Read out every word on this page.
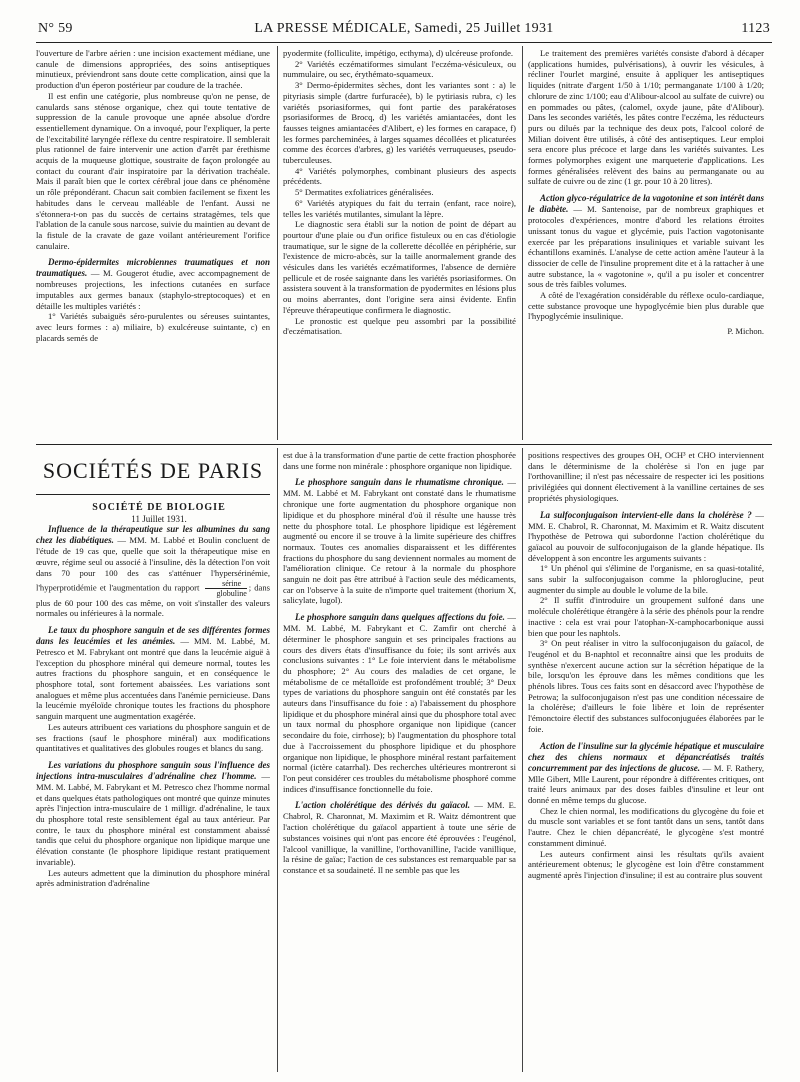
N° 59	LA PRESSE MÉDICALE, Samedi, 25 Juillet 1931	1123

l'ouverture de l'arbre aérien : une incision exactement médiane, une canule de dimensions appropriées, des soins antiseptiques minutieux, préviendront sans doute cette complication, ainsi que la production d'un éperon postérieur par coudure de la trachée.

Il est enfin une catégorie, plus nombreuse qu'on ne pense, de canulards sans sténose organique, chez qui toute tentative de suppression de la canule provoque une apnée absolue d'ordre essentiellement dynamique. On a invoqué, pour l'expliquer, la perte de l'excitabilité laryngée réflexe du centre respiratoire. Il semblerait plus rationnel de faire intervenir une action d'arrêt par érethisme acquis de la muqueuse glottique, soustraite de façon prolongée au contact du courant d'air inspiratoire par la dérivation trachéale. Mais il paraît bien que le cortex cérébral joue dans ce phénomène un rôle prépondérant. Chacun sait combien facilement se fixent les habitudes dans le cerveau malléable de l'enfant. Aussi ne s'étonnera-t-on pas du succès de certains stratagèmes, tels que l'ablation de la canule sous narcose, suivie du maintien au devant de la fistule de la cravate de gaze voilant antérieurement l'orifice canulaire.

Dermo-épidermites microbiennes traumatiques et non traumatiques. — M. Gougerot étudie, avec accompagnement de nombreuses projections, les infections cutanées en surface imputables aux germes banaux (staphylo-streptocoques) et en détaille les multiples variétés :

1° Variétés subaiguës séro-purulentes ou séreuses suintantes, avec leurs formes : a) miliaire, b) exulcéreuse suintante, c) en placards semés de

pyodermite (folliculite, impétigo, ecthyma), d) ulcéreuse profonde.

2° Variétés eczématiformes simulant l'eczéma-vésiculeux, ou nummulaire, ou sec, érythémato-squameux.

3° Dermo-épidermites sèches, dont les variantes sont : a) le pityriasis simple (dartre furfuracée), b) le pytiriasis rubra, c) les variétés psoriasiformes, qui font partie des parakératoses psoriasiformes de Brocq, d) les variétés amiantacées, dont les fausses teignes amiantacées d'Alibert, e) les formes en carapace, f) les formes parcheminées, à larges squames décollées et plicaturées comme des écorces d'arbres, g) les variétés verruqueuses, pseudo-tuberculeuses.

4° Variétés polymorphes, combinant plusieurs des aspects précédents.

5° Dermatites exfoliatrices généralisées.

6° Variétés atypiques du fait du terrain (enfant, race noire), telles les variétés mutilantes, simulant la lèpre.

Le diagnostic sera établi sur la notion de point de départ au pourtour d'une plaie ou d'un orifice fistuleux ou en cas d'étiologie traumatique, sur le signe de la collerette décollée en périphérie, sur l'existence de micro-abcès, sur la taille anormalement grande des vésicules dans les variétés eczématiformes, l'absence de dernière pellicule et de rosée saignante dans les variétés psoriasiformes. On assistera souvent à la transformation de pyodermites en lésions plus ou moins aberrantes, dont l'origine sera ainsi évidente. Enfin l'épreuve thérapeutique confirmera le diagnostic.

Le pronostic est quelque peu assombri par la possibilité d'eczématisation.

Le traitement des premières variétés consiste d'abord à décaper (applications humides, pulvérisations), à ouvrir les vésicules, à récliner l'ourlet marginé, ensuite à appliquer les antiseptiques liquides (nitrate d'argent 1/50 à 1/10; permanganate 1/100 à 1/20; chlorure de zinc 1/100; eau d'Alibour-alcool au sulfate de cuivre) ou en pommades ou pâtes, (calomel, oxyde jaune, pâte d'Alibour). Dans les secondes variétés, les pâtes contre l'eczéma, les réducteurs purs ou dilués par la technique des deux pots, l'alcool coloré de Milian doivent être utilisés, à côté des antiseptiques. Leur emploi sera encore plus précoce et large dans les variétés suivantes. Les formes polymorphes exigent une marqueterie d'applications. Les formes généralisées relèvent des bains au permanganate ou au sulfate de cuivre ou de zinc (1 gr. pour 10 à 20 litres).

Action glyco-régulatrice de la vagotonine et son intérêt dans le diabète. — M. Santenoise, par de nombreux graphiques et protocoles d'expériences, montre d'abord les relations étroites unissant tonus du vague et glycémie, puis l'action vagotonisante exercée par les préparations insuliniques et variable suivant les échantillons examinés. L'analyse de cette action amène l'auteur à la dissocier de celle de l'insuline proprement dite et à la rattacher à une autre substance, la « vagotonine », qu'il a pu isoler et concentrer sous de très faibles volumes.

A côté de l'exagération considérable du réflexe oculo-cardiaque, cette substance provoque une hypoglycémie bien plus durable que l'hypoglycémie insulinique.

P. Michon.
SOCIÉTÉS DE PARIS

SOCIÉTÉ DE BIOLOGIE

11 Juillet 1931.

Influence de la thérapeutique sur les albumines du sang chez les diabétiques. — MM. M. Labbé et Boulin concluent de l'étude de 19 cas que, quelle que soit la thérapeutique mise en œuvre, régime seul ou associé à l'insuline, dès la détection l'on voit dans 70 pour 100 des cas s'atténuer l'hypersérinémie, l'hyperprotidémie et l'augmentation du rapport $\frac{\text{sérine}}{\text{globuline}}$ ; dans plus de 60 pour 100 des cas même, on voit s'installer des valeurs normales ou inférieures à la normale.

Le taux du phosphore sanguin et de ses différentes formes dans les leucémies et les anémies. — MM. M. Labbé, M. Petresco et M. Fabrykant ont montré que dans la leucémie aiguë à l'exception du phosphore minéral qui demeure normal, toutes les autres fractions du phosphore sanguin, et en conséquence le phosphore total, sont fortement abaissées. Les variations sont analogues et même plus accentuées dans l'anémie pernicieuse. Dans la leucémie myéloïde chronique toutes les fractions du phosphore sanguin marquent une augmentation exagérée.

Les auteurs attribuent ces variations du phosphore sanguin et de ses fractions (sauf le phosphore minéral) aux modifications quantitatives et qualitatives des globules rouges et blancs du sang.

Les variations du phosphore sanguin sous l'influence des injections intra-musculaires d'adrénaline chez l'homme. — MM. M. Labbé, M. Fabrykant et M. Petresco chez l'homme normal et dans quelques états pathologiques ont montré que quinze minutes après l'injection intra-musculaire de 1 milligr. d'adrénaline, le taux du phosphore total reste sensiblement égal au taux antérieur. Par contre, le taux du phosphore minéral est constamment abaissé tandis que celui du phosphore organique non lipidique marque une élévation constante (le phosphore lipidique restant pratiquement invariable).

Les auteurs admettent que la diminution du phosphore minéral après administration d'adrénaline

est due à la transformation d'une partie de cette fraction phosphorée dans une forme non minérale : phosphore organique non lipidique.

Le phosphore sanguin dans le rhumatisme chronique. — MM. M. Labbé et M. Fabrykant ont constaté dans le rhumatisme chronique une forte augmentation du phosphore organique non lipidique et du phosphore minéral d'où il résulte une hausse très nette du phosphore total. Le phosphore lipidique est légèrement augmenté ou encore il se trouve à la limite supérieure des chiffres normaux. Toutes ces anomalies disparaissent et les différentes fractions du phosphore du sang deviennent normales au moment de l'amélioration clinique. Ce retour à la normale du phosphore sanguin ne doit pas être attribué à l'action seule des médicaments, car on l'observe à la suite de n'importe quel traitement (thorium X, salicylate, lugol).

Le phosphore sanguin dans quelques affections du foie. — MM. M. Labbé, M. Fabrykant et C. Zamfir ont cherché à déterminer le phosphore sanguin et ses principales fractions au cours des divers états d'insuffisance du foie; ils sont arrivés aux conclusions suivantes : 1° Le foie intervient dans le métabolisme du phosphore; 2° Au cours des maladies de cet organe, le métabolisme de ce métalloïde est profondément troublé; 3° Deux types de variations du phosphore sanguin ont été constatés par les auteurs dans l'insuffisance du foie : a) l'abaissement du phosphore lipidique et du phosphore minéral ainsi que du phosphore total avec un taux normal du phosphore organique non lipidique (cancer secondaire du foie, cirrhose); b) l'augmentation du phosphore total due à l'accroissement du phosphore lipidique et du phosphore organique non lipidique, le phosphore minéral restant parfaitement normal (ictère catarrhal). Des recherches ultérieures montreront si l'on peut considérer ces troubles du métabolisme phosphoré comme indices d'insuffisance fonctionnelle du foie.

L'action cholérétique des dérivés du gaïacol. — MM. E. Chabrol, R. Charonnat, M. Maximim et R. Waitz démontrent que l'action cholérétique du gaïacol appartient à toute une série de substances voisines qui n'ont pas encore été éprouvées : l'eugénol, l'alcool vanillique, la vanilline, l'orthovanilline, l'acide vanillique, la résine de gaïac; l'action de ces substances est remarquable par sa constance et sa soudaineté. Il ne semble pas que les

positions respectives des groupes OH, OCH³ et CHO interviennent dans le déterminisme de la cholérèse si l'on en juge par l'orthovanilline; il n'est pas nécessaire de respecter ici les positions privilégiées qui donnent électivement à la vanilline certaines de ses propriétés physiologiques.

La sulfoconjugaison intervient-elle dans la cholérèse ? — MM. E. Chabrol, R. Charonnat, M. Maximim et R. Waitz discutent l'hypothèse de Petrowa qui subordonne l'action cholérétique du gaïacol au pouvoir de sulfoconjugaison de la glande hépatique. Ils développent à son encontre les arguments suivants :

1° Un phénol qui s'élimine de l'organisme, en sa quasi-totalité, sans subir la sulfoconjugaison comme la phloroglucine, peut augmenter du simple au double le volume de la bile.

2° Il suffit d'introduire un groupement sulfoné dans une molécule cholérétique étrangère à la série des phénols pour la rendre inactive : cela est vrai pour l'atophan-X-camphocarbonique aussi bien que pour les naphtols.

3° On peut réaliser in vitro la sulfoconjugaison du gaïacol, de l'eugénol et du B-naphtol et reconnaître ainsi que les produits de synthèse n'exercent aucune action sur la sécrétion hépatique de la bile, lorsqu'on les éprouve dans les mêmes conditions que les phénols libres. Tous ces faits sont en désaccord avec l'hypothèse de Petrowa; la sulfoconjugaison n'est pas une condition nécessaire de la cholérèse; d'ailleurs le foie libère et loin de représenter l'émonctoire électif des substances sulfoconjuguées élaborées par le foie.

Action de l'insuline sur la glycémie hépatique et musculaire chez des chiens normaux et dépancréatisés traités concurremment par des injections de glucose. — M. F. Rathery, Mlle Gibert, Mlle Laurent, pour répondre à différentes critiques, ont traité leurs animaux par des doses faibles d'insuline et leur ont donné en même temps du glucose.

Chez le chien normal, les modifications du glycogène du foie et du muscle sont variables et se font tantôt dans un sens, tantôt dans l'autre. Chez le chien dépancréaté, le glycogène s'est montré constamment diminué.

Les auteurs confirment ainsi les résultats qu'ils avaient antérieurement obtenus; le glycogène est loin d'être constamment augmenté après l'injection d'insuline; il est au contraire plus souvent
